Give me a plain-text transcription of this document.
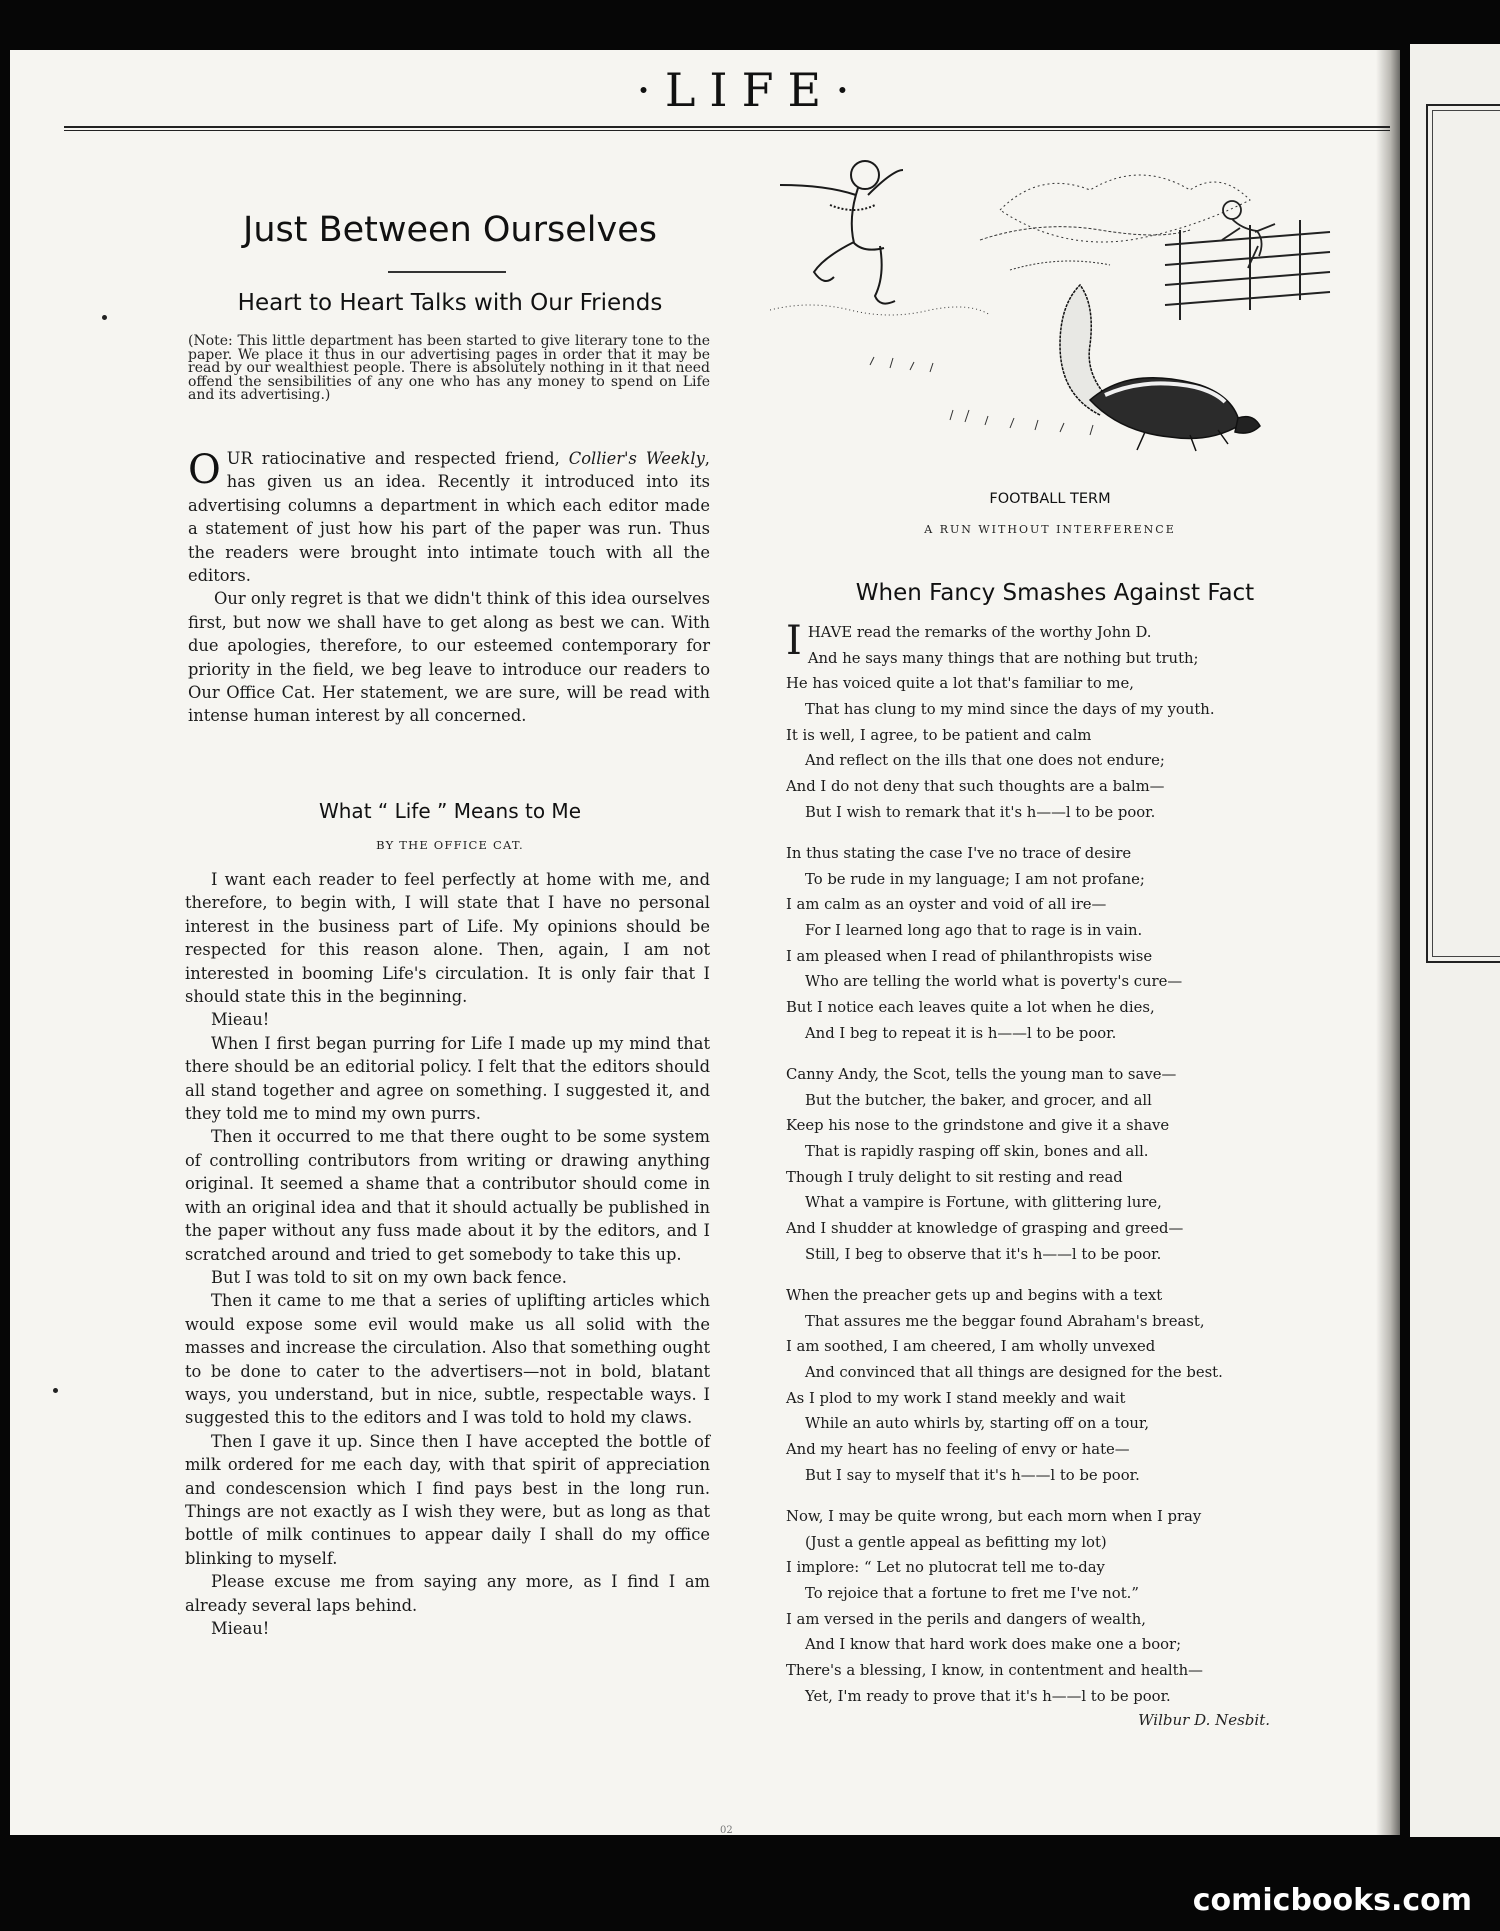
·LIFE·
Just Between Ourselves
Heart to Heart Talks with Our Friends
(Note: This little department has been started to give literary tone to the paper. We place it thus in our advertising pages in order that it may be read by our wealthiest people. There is absolutely nothing in it that need offend the sensibilities of any one who has any money to spend on Life and its advertising.)

OUR ratiocinative and respected friend, Collier's Weekly, has given us an idea. Recently it introduced into its advertising columns a department in which each editor made a statement of just how his part of the paper was run. Thus the readers were brought into intimate touch with all the editors.

Our only regret is that we didn't think of this idea ourselves first, but now we shall have to get along as best we can. With due apologies, therefore, to our esteemed contemporary for priority in the field, we beg leave to introduce our readers to Our Office Cat. Her statement, we are sure, will be read with intense human interest by all concerned.

What “ Life ” Means to Me
BY THE OFFICE CAT.

I want each reader to feel perfectly at home with me, and therefore, to begin with, I will state that I have no personal interest in the business part of Life. My opinions should be respected for this reason alone. Then, again, I am not interested in booming Life's circulation. It is only fair that I should state this in the beginning.

Mieau!

When I first began purring for Life I made up my mind that there should be an editorial policy. I felt that the editors should all stand together and agree on something. I suggested it, and they told me to mind my own purrs.

Then it occurred to me that there ought to be some system of controlling contributors from writing or drawing anything original. It seemed a shame that a contributor should come in with an original idea and that it should actually be published in the paper without any fuss made about it by the editors, and I scratched around and tried to get somebody to take this up.

But I was told to sit on my own back fence.

Then it came to me that a series of uplifting articles which would expose some evil would make us all solid with the masses and increase the circulation. Also that something ought to be done to cater to the advertisers—not in bold, blatant ways, you understand, but in nice, subtle, respectable ways. I suggested this to the editors and I was told to hold my claws.

Then I gave it up. Since then I have accepted the bottle of milk ordered for me each day, with that spirit of appreciation and condescension which I find pays best in the long run. Things are not exactly as I wish they were, but as long as that bottle of milk continues to appear daily I shall do my office blinking to myself.

Please excuse me from saying any more, as I find I am already several laps behind.

Mieau!

FOOTBALL TERM
A RUN WITHOUT INTERFERENCE
When Fancy Smashes Against Fact
IHAVE read the remarks of the worthy John D.
And he says many things that are nothing but truth;
He has voiced quite a lot that's familiar to me,
That has clung to my mind since the days of my youth.
It is well, I agree, to be patient and calm
And reflect on the ills that one does not endure;
And I do not deny that such thoughts are a balm—
But I wish to remark that it's h——l to be poor.
In thus stating the case I've no trace of desire
To be rude in my language; I am not profane;
I am calm as an oyster and void of all ire—
For I learned long ago that to rage is in vain.
I am pleased when I read of philanthropists wise
Who are telling the world what is poverty's cure—
But I notice each leaves quite a lot when he dies,
And I beg to repeat it is h——l to be poor.
Canny Andy, the Scot, tells the young man to save—
But the butcher, the baker, and grocer, and all
Keep his nose to the grindstone and give it a shave
That is rapidly rasping off skin, bones and all.
Though I truly delight to sit resting and read
What a vampire is Fortune, with glittering lure,
And I shudder at knowledge of grasping and greed—
Still, I beg to observe that it's h——l to be poor.
When the preacher gets up and begins with a text
That assures me the beggar found Abraham's breast,
I am soothed, I am cheered, I am wholly unvexed
And convinced that all things are designed for the best.
As I plod to my work I stand meekly and wait
While an auto whirls by, starting off on a tour,
And my heart has no feeling of envy or hate—
But I say to myself that it's h——l to be poor.
Now, I may be quite wrong, but each morn when I pray
(Just a gentle appeal as befitting my lot)
I implore: “ Let no plutocrat tell me to-day
To rejoice that a fortune to fret me I've not.”
I am versed in the perils and dangers of wealth,
And I know that hard work does make one a boor;
There's a blessing, I know, in contentment and health—
Yet, I'm ready to prove that it's h——l to be poor.
Wilbur D. Nesbit.
02
comicbooks.com
